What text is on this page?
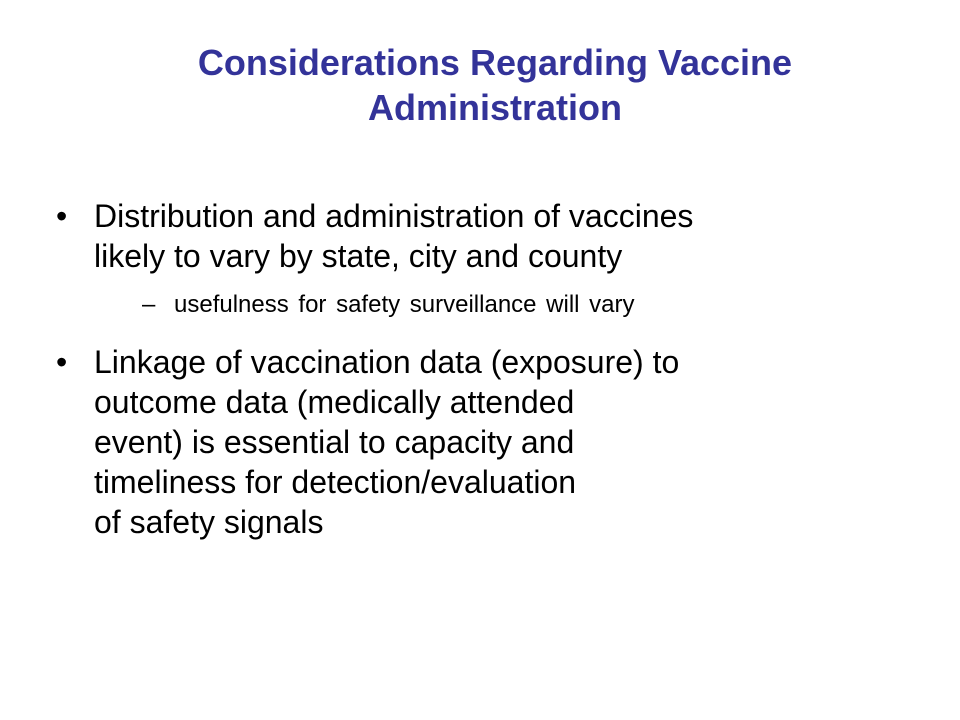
Considerations Regarding Vaccine
Administration
• Distribution and administration of vaccines
likely to vary by state, city and county
– usefulness for safety surveillance will vary
• Linkage of vaccination data (exposure) to
outcome data (medically attended
event) is essential to capacity and
timeliness for detection/evaluation
of safety signals
